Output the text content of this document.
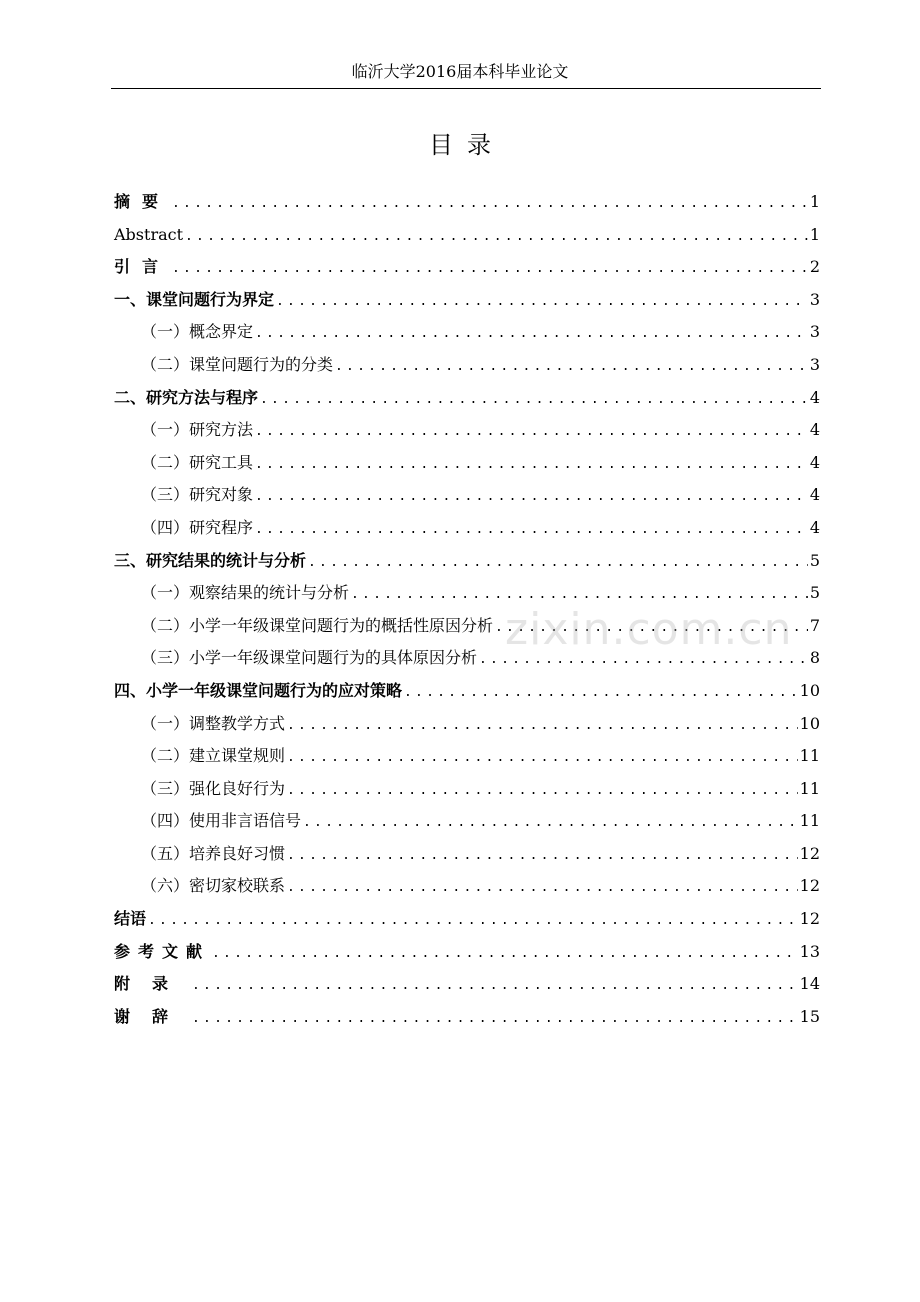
临沂大学2016届本科毕业论文
目录
摘要 .....	1
Abstract .....	1
引言 .....	2
一、课堂问题行为界定 .....	3
（一）概念界定 .....	3
（二）课堂问题行为的分类 .....	3
二、研究方法与程序 .....	4
（一）研究方法 .....	4
（二）研究工具 .....	4
（三）研究对象 .....	4
（四）研究程序 .....	4
三、研究结果的统计与分析 .....	5
（一）观察结果的统计与分析 .....	5
（二）小学一年级课堂问题行为的概括性原因分析 .....	7
（三）小学一年级课堂问题行为的具体原因分析 .....	8
四、小学一年级课堂问题行为的应对策略 .....	10
（一）调整教学方式 .....	10
（二）建立课堂规则 .....	11
（三）强化良好行为 .....	11
（四）使用非言语信号 .....	11
（五）培养良好习惯 .....	12
（六）密切家校联系 .....	12
结语 .....	12
参考文献 .....	13
附录 .....	14
谢辞 .....	15
zixin.com.cn
